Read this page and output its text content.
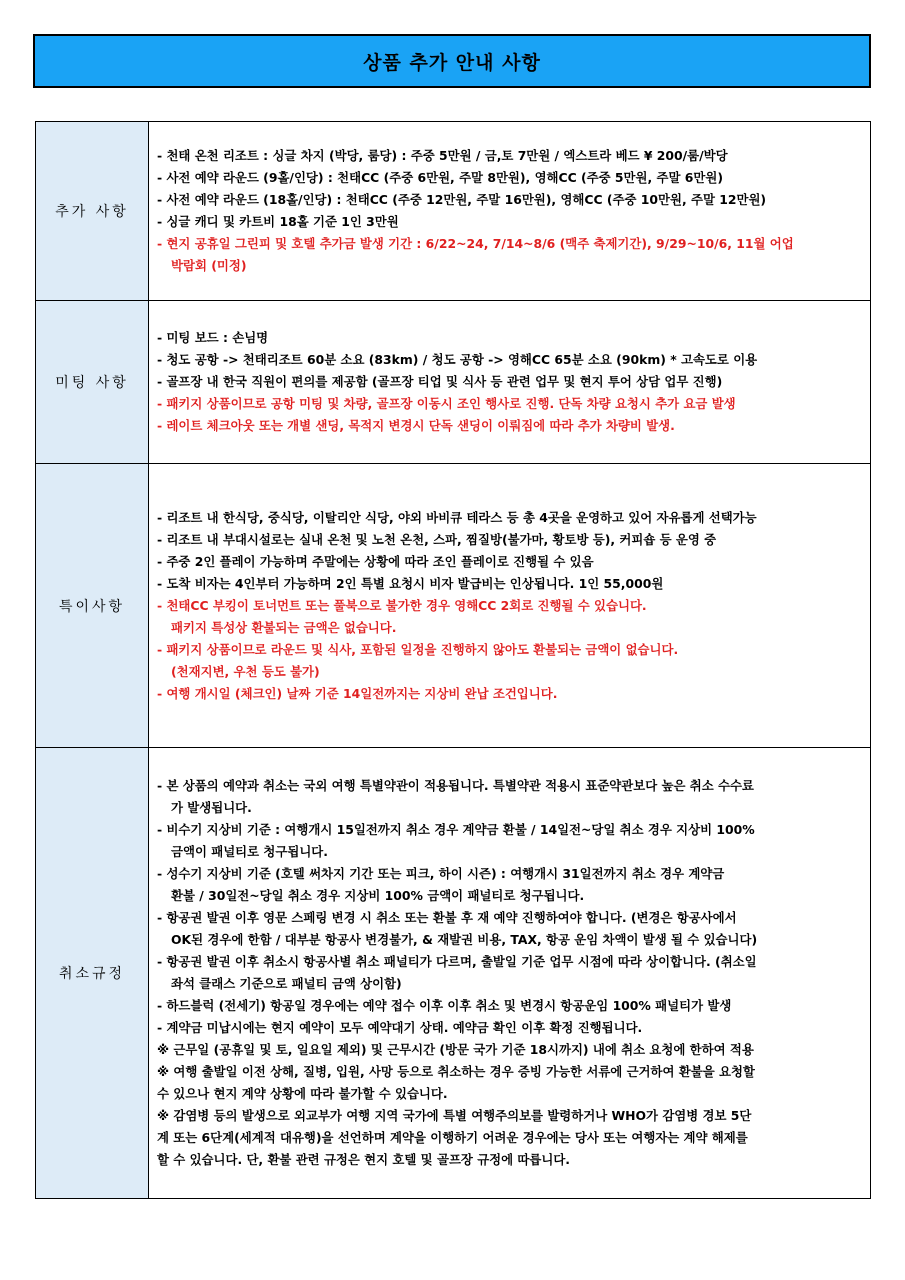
상품 추가 안내 사항
추가 사항
- 천태 온천 리조트 : 싱글 차지 (박당, 룸당) : 주중 5만원 / 금,토 7만원 / 엑스트라 베드 ¥ 200/룸/박당
- 사전 예약 라운드 (9홀/인당) : 천태CC (주중 6만원, 주말 8만원), 영해CC (주중 5만원, 주말 6만원)
- 사전 예약 라운드 (18홀/인당) : 천태CC (주중 12만원, 주말 16만원), 영해CC (주중 10만원, 주말 12만원)
- 싱글 캐디 및 카트비 18홀 기준 1인 3만원
- 현지 공휴일 그린피 및 호텔 추가금 발생 기간 : 6/22~24, 7/14~8/6 (맥주 축제기간), 9/29~10/6, 11월 어업
박람회 (미정)
미팅 사항
- 미팅 보드 : 손님명
- 청도 공항 -> 천태리조트 60분 소요 (83km) / 청도 공항 -> 영해CC 65분 소요 (90km) * 고속도로 이용
- 골프장 내 한국 직원이 편의를 제공함 (골프장 티업 및 식사 등 관련 업무 및 현지 투어 상담 업무 진행)
- 패키지 상품이므로 공항 미팅 및 차량, 골프장 이동시 조인 행사로 진행. 단독 차량 요청시 추가 요금 발생
- 레이트 체크아웃 또는 개별 샌딩, 목적지 변경시 단독 샌딩이 이뤄짐에 따라 추가 차량비 발생.
특이사항
- 리조트 내 한식당, 중식당, 이탈리안 식당, 야외 바비큐 테라스 등 총 4곳을 운영하고 있어 자유롭게 선택가능
- 리조트 내 부대시설로는 실내 온천 및 노천 온천, 스파, 찜질방(불가마, 황토방 등), 커피숍 등 운영 중
- 주중 2인 플레이 가능하며 주말에는 상황에 따라 조인 플레이로 진행될 수 있음
- 도착 비자는 4인부터 가능하며 2인 특별 요청시 비자 발급비는 인상됩니다. 1인 55,000원
- 천태CC 부킹이 토너먼트 또는 풀북으로 불가한 경우 영해CC 2회로 진행될 수 있습니다.
패키지 특성상 환불되는 금액은 없습니다.
- 패키지 상품이므로 라운드 및 식사, 포함된 일정을 진행하지 않아도 환불되는 금액이 없습니다.
(천재지변, 우천 등도 불가)
- 여행 개시일 (체크인) 날짜 기준 14일전까지는 지상비 완납 조건입니다.
취소규정
- 본 상품의 예약과 취소는 국외 여행 특별약관이 적용됩니다. 특별약관 적용시 표준약관보다 높은 취소 수수료
가 발생됩니다.
- 비수기 지상비 기준 : 여행개시 15일전까지 취소 경우 계약금 환불 / 14일전~당일 취소 경우 지상비 100%
금액이 패널티로 청구됩니다.
- 성수기 지상비 기준 (호텔 써차지 기간 또는 피크, 하이 시즌) : 여행개시 31일전까지 취소 경우 계약금
환불 / 30일전~당일 취소 경우 지상비 100% 금액이 패널티로 청구됩니다.
- 항공권 발권 이후 영문 스페링 변경 시 취소 또는 환불 후 재 예약 진행하여야 합니다. (변경은 항공사에서
OK된 경우에 한함 / 대부분 항공사 변경불가, & 재발권 비용, TAX, 항공 운임 차액이 발생 될 수 있습니다)
- 항공권 발권 이후 취소시 항공사별 취소 패널티가 다르며, 출발일 기준 업무 시점에 따라 상이합니다. (취소일
좌석 클래스 기준으로 패널티 금액 상이함)
- 하드블럭 (전세기) 항공일 경우에는 예약 접수 이후 이후 취소 및 변경시 항공운임 100% 패널티가 발생
- 계약금 미납시에는 현지 예약이 모두 예약대기 상태. 예약금 확인 이후 확정 진행됩니다.
※ 근무일 (공휴일 및 토, 일요일 제외) 및 근무시간 (방문 국가 기준 18시까지) 내에 취소 요청에 한하여 적용
※ 여행 출발일 이전 상해, 질병, 입원, 사망 등으로 취소하는 경우 증빙 가능한 서류에 근거하여 환불을 요청할
수 있으나 현지 계약 상황에 따라 불가할 수 있습니다.
※ 감염병 등의 발생으로 외교부가 여행 지역 국가에 특별 여행주의보를 발령하거나 WHO가 감염병 경보 5단
계 또는 6단계(세계적 대유행)을 선언하며 계약을 이행하기 어려운 경우에는 당사 또는 여행자는 계약 해제를
할 수 있습니다. 단, 환불 관련 규정은 현지 호텔 및 골프장 규정에 따릅니다.
